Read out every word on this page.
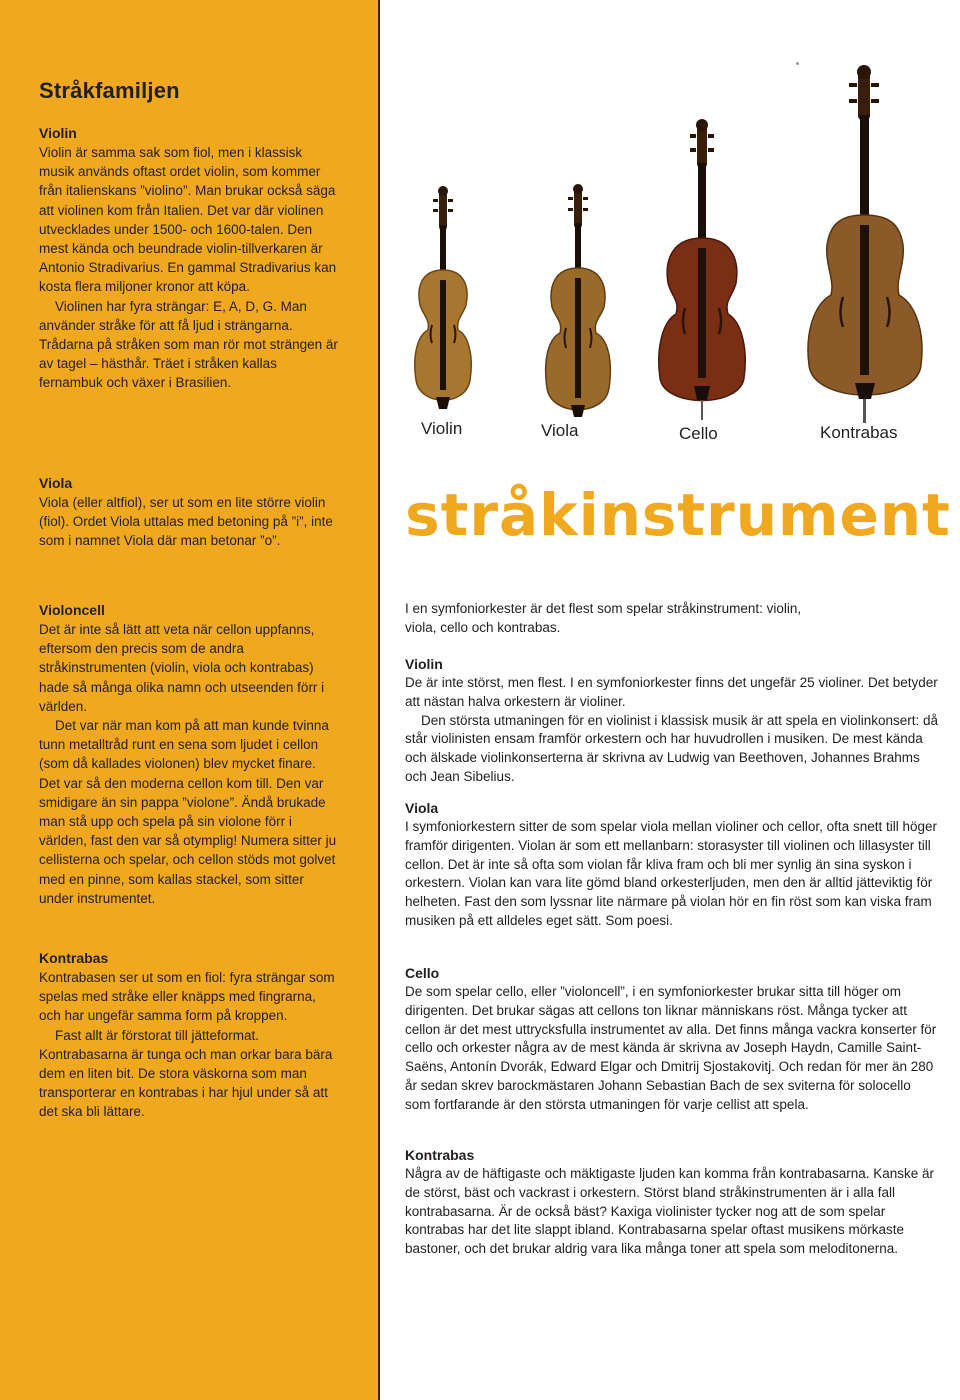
Stråkfamiljen

Violin

Violin är samma sak som fiol, men i klassisk musik används oftast ordet violin, som kommer från italienskans ”violino”. Man brukar också säga att violinen kom från Italien. Det var där violinen utvecklades under 1500- och 1600-talen. Den mest kända och beundrade violin-tillverkaren är Antonio Stradivarius. En gammal Stradivarius kan kosta flera miljoner kronor att köpa.

Violinen har fyra strängar: E, A, D, G. Man använder stråke för att få ljud i strängarna. Trådarna på stråken som man rör mot strängen är av tagel – hästhår. Träet i stråken kallas fernambuk och växer i Brasilien.

Viola

Viola (eller altfiol), ser ut som en lite större violin (fiol). Ordet Viola uttalas med betoning på ”i”, inte som i namnet Viola där man betonar ”o”.

Violoncell

Det är inte så lätt att veta när cellon uppfanns, eftersom den precis som de andra stråkinstrumenten (violin, viola och kontrabas) hade så många olika namn och utseenden förr i världen.

Det var när man kom på att man kunde tvinna tunn metalltråd runt en sena som ljudet i cellon (som då kallades violonen) blev mycket finare. Det var så den moderna cellon kom till. Den var smidigare än sin pappa ”violone”. Ändå brukade man stå upp och spela på sin violone förr i världen, fast den var så otymplig! Numera sitter ju cellisterna och spelar, och cellon stöds mot golvet med en pinne, som kallas stackel, som sitter under instrumentet.

Kontrabas

Kontrabasen ser ut som en fiol: fyra strängar som spelas med stråke eller knäpps med fingrarna, och har ungefär samma form på kroppen.

Fast allt är förstorat till jätteformat. Kontrabasarna är tunga och man orkar bara bära dem en liten bit. De stora väskorna som man transporterar en kontrabas i har hjul under så att det ska bli lättare.

Violin	Viola	Cello	Kontrabas
stråkinstrument

I en symfoniorkester är det flest som spelar stråkinstrument: violin, viola, cello och kontrabas.

Violin

De är inte störst, men flest. I en symfoniorkester finns det ungefär 25 violiner. Det betyder att nästan halva orkestern är violiner.

Den största utmaningen för en violinist i klassisk musik är att spela en violinkonsert: då står violinisten ensam framför orkestern och har huvudrollen i musiken. De mest kända och älskade violinkonserterna är skrivna av Ludwig van Beethoven, Johannes Brahms och Jean Sibelius.

Viola

I symfoniorkestern sitter de som spelar viola mellan violiner och cellor, ofta snett till höger framför dirigenten. Violan är som ett mellanbarn: storasyster till violinen och lillasyster till cellon. Det är inte så ofta som violan får kliva fram och bli mer synlig än sina syskon i orkestern. Violan kan vara lite gömd bland orkesterljuden, men den är alltid jätteviktig för helheten. Fast den som lyssnar lite närmare på violan hör en fin röst som kan viska fram musiken på ett alldeles eget sätt. Som poesi.

Cello

De som spelar cello, eller ”violoncell”, i en symfoniorkester brukar sitta till höger om dirigenten. Det brukar sägas att cellons ton liknar människans röst. Många tycker att cellon är det mest uttrycksfulla instrumentet av alla. Det finns många vackra konserter för cello och orkester några av de mest kända är skrivna av Joseph Haydn, Camille Saint-Saëns, Antonín Dvorák, Edward Elgar och Dmitrij Sjostakovitj. Och redan för mer än 280 år sedan skrev barockmästaren Johann Sebastian Bach de sex sviterna för solocello som fortfarande är den största utmaningen för varje cellist att spela.

Kontrabas

Några av de häftigaste och mäktigaste ljuden kan komma från kontrabasarna. Kanske är de störst, bäst och vackrast i orkestern. Störst bland stråkinstrumenten är i alla fall kontrabasarna. Är de också bäst? Kaxiga violinister tycker nog att de som spelar kontrabas har det lite slappt ibland. Kontrabasarna spelar oftast musikens mörkaste bastoner, och det brukar aldrig vara lika många toner att spela som meloditonerna.
